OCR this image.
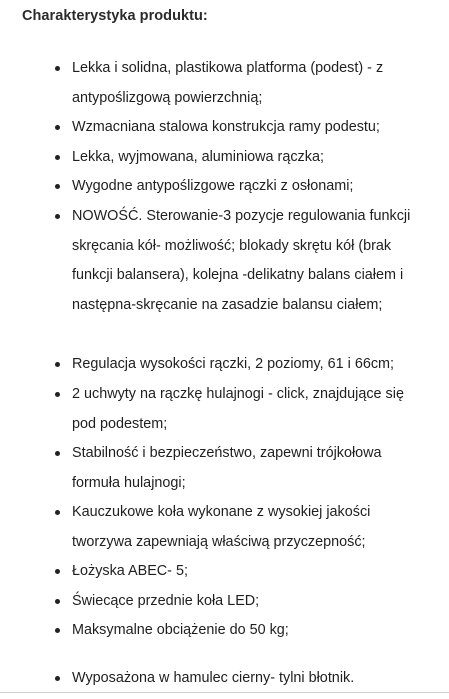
Charakterystyka produktu:
Lekka i solidna, plastikowa platforma (podest) - z antypoślizgową powierzchnią;
Wzmacniana stalowa konstrukcja ramy podestu;
Lekka, wyjmowana, aluminiowa rączka;
Wygodne antypoślizgowe rączki z osłonami;
NOWOŚĆ. Sterowanie-3 pozycje regulowania funkcji skręcania kół- możliwość; blokady skrętu kół (brak funkcji balansera), kolejna -delikatny balans ciałem i następna-skręcanie na zasadzie balansu ciałem;
Regulacja wysokości rączki, 2 poziomy, 61 i 66cm;
2 uchwyty na rączkę hulajnogi - click, znajdujące się pod podestem;
Stabilność i bezpieczeństwo, zapewni trójkołowa formuła hulajnogi;
Kauczukowe koła wykonane z wysokiej jakości tworzywa zapewniają właściwą przyczepność;
Łożyska ABEC- 5;
Świecące przednie koła LED;
Maksymalne obciążenie do 50 kg;
Wyposażona w hamulec cierny- tylni błotnik.
